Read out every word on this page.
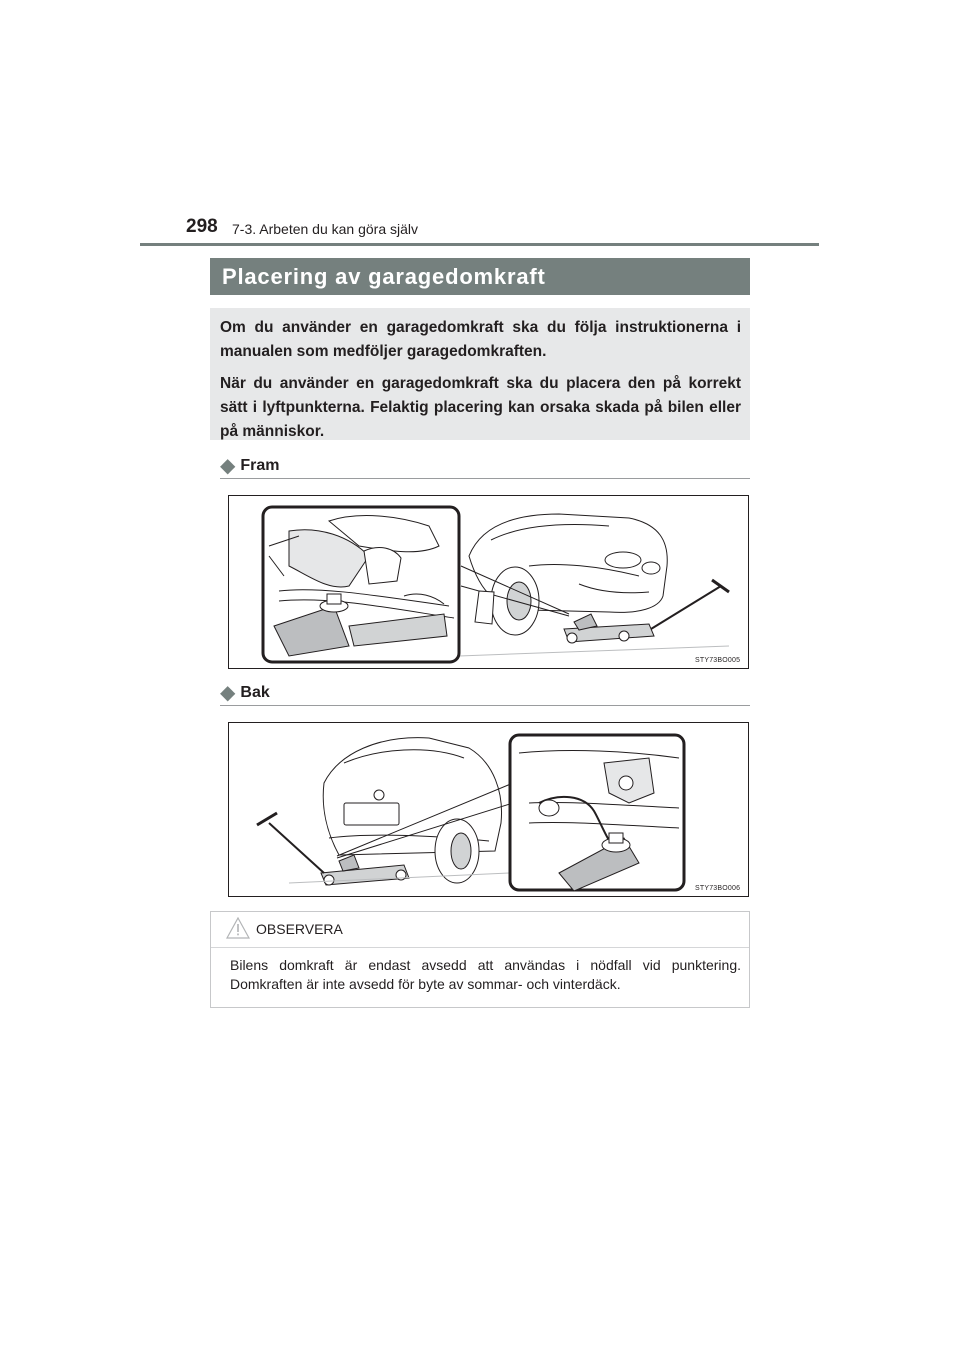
298 7-3. Arbeten du kan göra själv
Placering av garagedomkraft

Om du använder en garagedomkraft ska du följa instruktionerna i manualen som medföljer garagedomkraften.

När du använder en garagedomkraft ska du placera den på korrekt sätt i lyftpunkterna. Felaktig placering kan orsaka skada på bilen eller på människor.

◆ Fram
STY73BO005
◆ Bak
STY73BO006
OBSERVERA
Bilens domkraft är endast avsedd att användas i nödfall vid punktering. Domkraften är inte avsedd för byte av sommar- och vinterdäck.
